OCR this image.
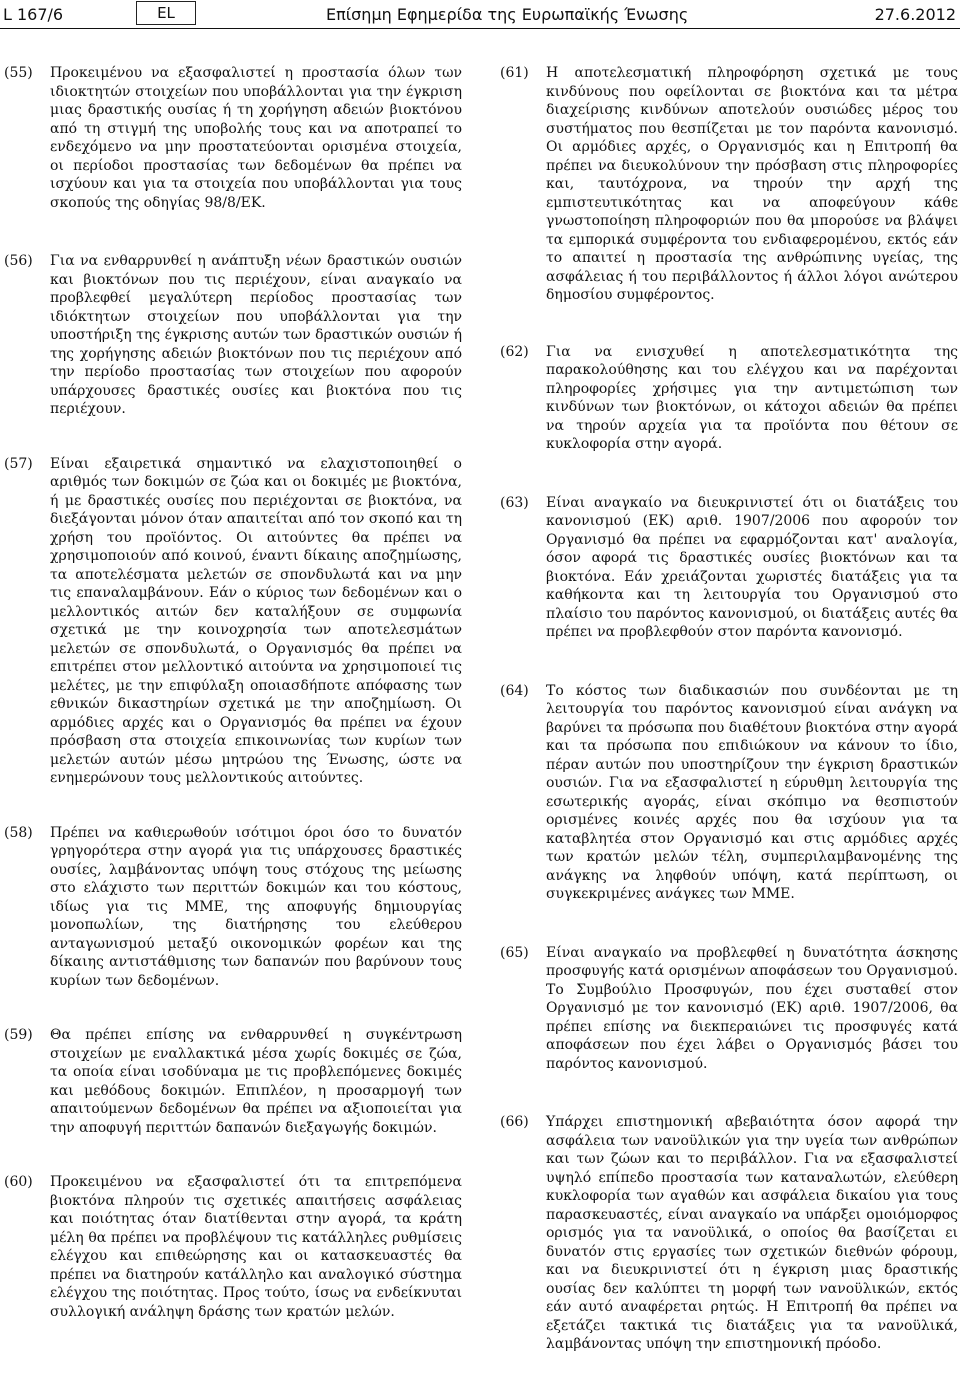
L 167/6	EL	Επίσημη Εφημερίδα της Ευρωπαϊκής Ένωσης	27.6.2012
(55)	Προκειμένου να εξασφαλιστεί η προστασία όλων των ιδιοκτητών στοιχείων που υποβάλλονται για την έγκριση μιας δραστικής ουσίας ή τη χορήγηση αδειών βιοκτόνου από τη στιγμή της υποβολής τους και να αποτραπεί το ενδεχόμενο να μην προστατεύονται ορισμένα στοιχεία, οι περίοδοι προστασίας των δεδομένων θα πρέπει να ισχύουν και για τα στοιχεία που υποβάλλονται για τους σκοπούς της οδηγίας 98/8/ΕΚ.
(56)	Για να ενθαρρυνθεί η ανάπτυξη νέων δραστικών ουσιών και βιοκτόνων που τις περιέχουν, είναι αναγκαίο να προβλεφθεί μεγαλύτερη περίοδος προστασίας των ιδιόκτητων στοιχείων που υποβάλλονται για την υποστήριξη της έγκρισης αυτών των δραστικών ουσιών ή της χορήγησης αδειών βιοκτόνων που τις περιέχουν από την περίοδο προστασίας των στοιχείων που αφορούν υπάρχουσες δραστικές ουσίες και βιοκτόνα που τις περιέχουν.
(57)	Είναι εξαιρετικά σημαντικό να ελαχιστοποιηθεί ο αριθμός των δοκιμών σε ζώα και οι δοκιμές με βιοκτόνα, ή με δραστικές ουσίες που περιέχονται σε βιοκτόνα, να διεξάγονται μόνον όταν απαιτείται από τον σκοπό και τη χρήση του προϊόντος. Οι αιτούντες θα πρέπει να χρησιμοποιούν από κοινού, έναντι δίκαιης αποζημίωσης, τα αποτελέσματα μελετών σε σπονδυλωτά και να μην τις επαναλαμβάνουν. Εάν ο κύριος των δεδομένων και ο μελλοντικός αιτών δεν καταλήξουν σε συμφωνία σχετικά με την κοινοχρησία των αποτελεσμάτων μελετών σε σπονδυλωτά, ο Οργανισμός θα πρέπει να επιτρέπει στον μελλοντικό αιτούντα να χρησιμοποιεί τις μελέτες, με την επιφύλαξη οποιασδήποτε απόφασης των εθνικών δικαστηρίων σχετικά με την αποζημίωση. Οι αρμόδιες αρχές και ο Οργανισμός θα πρέπει να έχουν πρόσβαση στα στοιχεία επικοινωνίας των κυρίων των μελετών αυτών μέσω μητρώου της Ένωσης, ώστε να ενημερώνουν τους μελλοντικούς αιτούντες.
(58)	Πρέπει να καθιερωθούν ισότιμοι όροι όσο το δυνατόν γρηγορότερα στην αγορά για τις υπάρχουσες δραστικές ουσίες, λαμβάνοντας υπόψη τους στόχους της μείωσης στο ελάχιστο των περιττών δοκιμών και του κόστους, ιδίως για τις ΜΜΕ, της αποφυγής δημιουργίας μονοπωλίων, της διατήρησης του ελεύθερου ανταγωνισμού μεταξύ οικονομικών φορέων και της δίκαιης αντιστάθμισης των δαπανών που βαρύνουν τους κυρίων των δεδομένων.
(59)	Θα πρέπει επίσης να ενθαρρυνθεί η συγκέντρωση στοιχείων με εναλλακτικά μέσα χωρίς δοκιμές σε ζώα, τα οποία είναι ισοδύναμα με τις προβλεπόμενες δοκιμές και μεθόδους δοκιμών. Επιπλέον, η προσαρμογή των απαιτούμενων δεδομένων θα πρέπει να αξιοποιείται για την αποφυγή περιττών δαπανών διεξαγωγής δοκιμών.
(60)	Προκειμένου να εξασφαλιστεί ότι τα επιτρεπόμενα βιοκτόνα πληρούν τις σχετικές απαιτήσεις ασφάλειας και ποιότητας όταν διατίθενται στην αγορά, τα κράτη μέλη θα πρέπει να προβλέψουν τις κατάλληλες ρυθμίσεις ελέγχου και επιθεώρησης και οι κατασκευαστές θα πρέπει να διατηρούν κατάλληλο και αναλογικό σύστημα ελέγχου της ποιότητας. Προς τούτο, ίσως να ενδείκνυται συλλογική ανάληψη δράσης των κρατών μελών.
(61)	Η αποτελεσματική πληροφόρηση σχετικά με τους κινδύνους που οφείλονται σε βιοκτόνα και τα μέτρα διαχείρισης κινδύνων αποτελούν ουσιώδες μέρος του συστήματος που θεσπίζεται με τον παρόντα κανονισμό. Οι αρμόδιες αρχές, ο Οργανισμός και η Επιτροπή θα πρέπει να διευκολύνουν την πρόσβαση στις πληροφορίες και, ταυτόχρονα, να τηρούν την αρχή της εμπιστευτικότητας και να αποφεύγουν κάθε γνωστοποίηση πληροφοριών που θα μπορούσε να βλάψει τα εμπορικά συμφέροντα του ενδιαφερομένου, εκτός εάν το απαιτεί η προστασία της ανθρώπινης υγείας, της ασφάλειας ή του περιβάλλοντος ή άλλοι λόγοι ανώτερου δημοσίου συμφέροντος.
(62)	Για να ενισχυθεί η αποτελεσματικότητα της παρακολούθησης και του ελέγχου και να παρέχονται πληροφορίες χρήσιμες για την αντιμετώπιση των κινδύνων των βιοκτόνων, οι κάτοχοι αδειών θα πρέπει να τηρούν αρχεία για τα προϊόντα που θέτουν σε κυκλοφορία στην αγορά.
(63)	Είναι αναγκαίο να διευκρινιστεί ότι οι διατάξεις του κανονισμού (ΕΚ) αριθ. 1907/2006 που αφορούν τον Οργανισμό θα πρέπει να εφαρμόζονται κατ' αναλογία, όσον αφορά τις δραστικές ουσίες βιοκτόνων και τα βιοκτόνα. Εάν χρειάζονται χωριστές διατάξεις για τα καθήκοντα και τη λειτουργία του Οργανισμού στο πλαίσιο του παρόντος κανονισμού, οι διατάξεις αυτές θα πρέπει να προβλεφθούν στον παρόντα κανονισμό.
(64)	Το κόστος των διαδικασιών που συνδέονται με τη λειτουργία του παρόντος κανονισμού είναι ανάγκη να βαρύνει τα πρόσωπα που διαθέτουν βιοκτόνα στην αγορά και τα πρόσωπα που επιδιώκουν να κάνουν το ίδιο, πέραν αυτών που υποστηρίζουν την έγκριση δραστικών ουσιών. Για να εξασφαλιστεί η εύρυθμη λειτουργία της εσωτερικής αγοράς, είναι σκόπιμο να θεσπιστούν ορισμένες κοινές αρχές που θα ισχύουν για τα καταβλητέα στον Οργανισμό και στις αρμόδιες αρχές των κρατών μελών τέλη, συμπεριλαμβανομένης της ανάγκης να ληφθούν υπόψη, κατά περίπτωση, οι συγκεκριμένες ανάγκες των ΜΜΕ.
(65)	Είναι αναγκαίο να προβλεφθεί η δυνατότητα άσκησης προσφυγής κατά ορισμένων αποφάσεων του Οργανισμού. Το Συμβούλιο Προσφυγών, που έχει συσταθεί στον Οργανισμό με τον κανονισμό (ΕΚ) αριθ. 1907/2006, θα πρέπει επίσης να διεκπεραιώνει τις προσφυγές κατά αποφάσεων που έχει λάβει ο Οργανισμός βάσει του παρόντος κανονισμού.
(66)	Υπάρχει επιστημονική αβεβαιότητα όσον αφορά την ασφάλεια των νανοϋλικών για την υγεία των ανθρώπων και των ζώων και το περιβάλλον. Για να εξασφαλιστεί υψηλό επίπεδο προστασία των καταναλωτών, ελεύθερη κυκλοφορία των αγαθών και ασφάλεια δικαίου για τους παρασκευαστές, είναι αναγκαίο να υπάρξει ομοιόμορφος ορισμός για τα νανοϋλικά, ο οποίος θα βασίζεται ει δυνατόν στις εργασίες των σχετικών διεθνών φόρουμ, και να διευκρινιστεί ότι η έγκριση μιας δραστικής ουσίας δεν καλύπτει τη μορφή των νανοϋλικών, εκτός εάν αυτό αναφέρεται ρητώς. Η Επιτροπή θα πρέπει να εξετάζει τακτικά τις διατάξεις για τα νανοϋλικά, λαμβάνοντας υπόψη την επιστημονική πρόοδο.
